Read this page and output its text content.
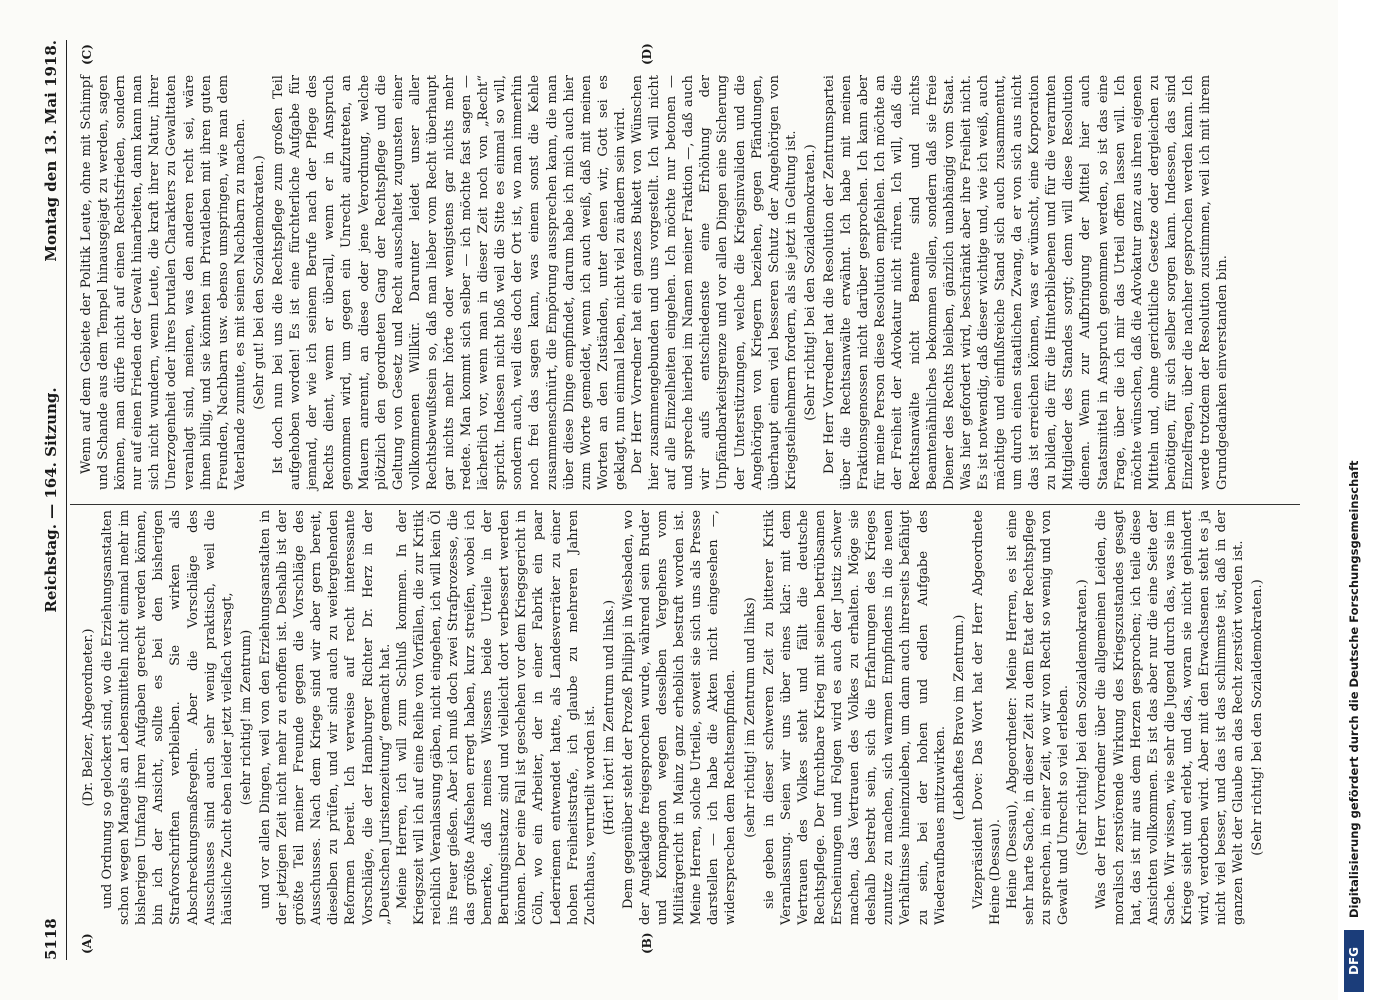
5118
Reichstag. — 164. Sitzung.
Montag den 13. Mai 1918.
(A)	(B)
(C)	(D)

(Dr. Belzer, Abgeordneter.) und Ordnung so gelockert sind, wo die Erziehungsanstalten schon wegen Mangels an Lebensmitteln nicht einmal mehr im bisherigen Umfang ihren Aufgaben gerecht werden können, bin ich der Ansicht, sollte es bei den bisherigen Strafvorschriften verbleiben. Sie wirken als Abschreckungsmaßregeln. Aber die Vorschläge des Ausschusses sind auch sehr wenig praktisch, weil die häusliche Zucht eben leider jetzt vielfach versagt, (sehr richtig! im Zentrum) und vor allen Dingen, weil von den Erziehungsanstalten in der jetzigen Zeit nicht mehr zu erhoffen ist. Deshalb ist der größte Teil meiner Freunde gegen die Vorschläge des Ausschusses. Nach dem Kriege sind wir aber gern bereit, dieselben zu prüfen, und wir sind auch zu weitergehenden Reformen bereit. Ich verweise auf recht interessante Vorschläge, die der Hamburger Richter Dr. Herz in der „Deutschen Juristenzeitung“ gemacht hat. Meine Herren, ich will zum Schluß kommen. In der Kriegszeit will ich auf eine Reihe von Vorfällen, die zur Kritik reichlich Veranlassung gäben, nicht eingehen, ich will kein Öl ins Feuer gießen. Aber ich muß doch zwei Strafprozesse, die das größte Aufsehen erregt haben, kurz streifen, wobei ich bemerke, daß meines Wissens beide Urteile in der Berufungsinstanz sind und vielleicht dort verbessert werden können. Der eine Fall ist geschehen vor dem Kriegsgericht in Cöln, wo ein Arbeiter, der in einer Fabrik ein paar Lederriemen entwendet hatte, als Landesverräter zu einer hohen Freiheitsstrafe, ich glaube zu mehreren Jahren Zuchthaus, verurteilt worden ist. (Hört! hört! im Zentrum und links.) Dem gegenüber steht der Prozeß Philippi in Wiesbaden, wo der Angeklagte freigesprochen wurde, während sein Bruder und Kompagnon wegen desselben Vergehens vom Militärgericht in Mainz ganz erheblich bestraft worden ist. Meine Herren, solche Urteile, soweit sie sich uns als Presse darstellen — ich habe die Akten nicht eingesehen —, widersprechen dem Rechtsempfinden. (sehr richtig! im Zentrum und links) sie geben in dieser schweren Zeit zu bitterer Kritik Veranlassung. Seien wir uns über eines klar: mit dem Vertrauen des Volkes steht und fällt die deutsche Rechtspflege. Der furchtbare Krieg mit seinen betrübsamen Erscheinungen und Folgen wird es auch der Justiz schwer machen, das Vertrauen des Volkes zu erhalten. Möge sie deshalb bestrebt sein, sich die Erfahrungen des Krieges zunutze zu machen, sich warmen Empfindens in die neuen Verhältnisse hineinzuleben, um dann auch ihrerseits befähigt zu sein, bei der hohen und edlen Aufgabe des Wiederaufbaues mitzuwirken.

(Lebhaftes Bravo im Zentrum.) Vizepräsident Dove: Das Wort hat der Herr Abgeordnete Heine (Dessau). Heine (Dessau), Abgeordneter: Meine Herren, es ist eine sehr harte Sache, in dieser Zeit zu dem Etat der Rechtspflege zu sprechen, in einer Zeit, wo wir von Recht so wenig und von Gewalt und Unrecht so viel erleben. (Sehr richtig! bei den Sozialdemokraten.) Was der Herr Vorredner über die allgemeinen Leiden, die moralisch zerstörende Wirkung des Kriegszustandes gesagt hat, das ist mir aus dem Herzen gesprochen; ich teile diese Ansichten vollkommen. Es ist das aber nur die eine Seite der Sache. Wir wissen, wie sehr die Jugend durch das, was sie im Kriege sieht und erlebt, und das, woran sie nicht gehindert wird, verdorben wird. Aber mit den Erwachsenen steht es ja nicht viel besser, und das ist das schlimmste ist, daß in der ganzen Welt der Glaube an das Recht zerstört worden ist. (Sehr richtig! bei den Sozialdemokraten.)

Wenn auf dem Gebiete der Politik Leute, ohne mit Schimpf und Schande aus dem Tempel hinausgejagt zu werden, sagen können, man dürfe nicht auf einen Rechtsfrieden, sondern nur auf einen Frieden der Gewalt hinarbeiten, dann kann man sich nicht wundern, wenn Leute, die kraft ihrer Natur, ihrer Unerzogenheit oder ihres brutalen Charakters zu Gewalttaten veranlagt sind, meinen, was den anderen recht sei, wäre ihnen billig, und sie könnten im Privatleben mit ihren guten Freunden, Nachbarn usw. ebenso umspringen, wie man dem Vaterlande zumute, es mit seinen Nachbarn zu machen. (Sehr gut! bei den Sozialdemokraten.) Ist doch nun bei uns die Rechtspflege zum großen Teil aufgehoben worden! Es ist eine fürchterliche Aufgabe für jemand, der wie ich seinem Berufe nach der Pflege des Rechts dient, wenn er überall, wenn er in Anspruch genommen wird, um gegen ein Unrecht aufzutreten, an Mauern anrennt, an diese oder jene Verordnung, welche plötzlich den geordneten Gang der Rechtspflege und die Geltung von Gesetz und Recht ausschaltet zugunsten einer vollkommenen Willkür. Darunter leidet unser aller Rechtsbewußtsein so, daß man lieber vom Recht überhaupt gar nichts mehr hörte oder wenigstens gar nichts mehr redete. Man kommt sich selber — ich möchte fast sagen — lächerlich vor, wenn man in dieser Zeit noch von „Recht“ spricht. Indessen nicht bloß weil die Sitte es einmal so will, sondern auch, weil dies doch der Ort ist, wo man immerhin noch frei das sagen kann, was einem sonst die Kehle zusammenschnürt, die Empörung aussprechen kann, die man über diese Dinge empfindet, darum habe ich mich auch hier zum Worte gemeldet, wenn ich auch weiß, daß mit meinen Worten an den Zuständen, unter denen wir, Gott sei es geklagt, nun einmal leben, nicht viel zu ändern sein wird. Der Herr Vorredner hat ein ganzes Bukett von Wünschen hier zusammengebunden und uns vorgestellt. Ich will nicht auf alle Einzelheiten eingehen. Ich möchte nur betonen — und spreche hierbei im Namen meiner Fraktion —, daß auch wir aufs entschiedenste eine Erhöhung der Unpfändbarkeitsgrenze und vor allen Dingen eine Sicherung der Unterstützungen, welche die Kriegsinvaliden und die Angehörigen von Kriegern beziehen, gegen Pfändungen, überhaupt einen viel besseren Schutz der Angehörigen von Kriegsteilnehmern fordern, als sie jetzt in Geltung ist. (Sehr richtig! bei den Sozialdemokraten.) Der Herr Vorredner hat die Resolution der Zentrumspartei über die Rechtsanwälte erwähnt. Ich habe mit meinen Fraktionsgenossen nicht darüber gesprochen. Ich kann aber für meine Person diese Resolution empfehlen. Ich möchte an der Freiheit der Advokatur nicht rühren. Ich will, daß die Rechtsanwälte nicht Beamte sind und nichts Beamtenähnliches bekommen sollen, sondern daß sie freie Diener des Rechts bleiben, gänzlich unabhängig vom Staat. Was hier gefordert wird, beschränkt aber ihre Freiheit nicht. Es ist notwendig, daß dieser wichtige und, wie ich weiß, auch mächtige und einflußreiche Stand sich auch zusammentut, um durch einen staatlichen Zwang, da er von sich aus nicht das ist erreichen können, was er wünscht, eine Korporation zu bilden, die für die Hinterbliebenen und für die verarmten Mitglieder des Standes sorgt; denn will diese Resolution dienen. Wenn zur Aufbringung der Mittel hier auch Staatsmittel in Anspruch genommen werden, so ist das eine Frage, über die ich mir das Urteil offen lassen will. Ich möchte wünschen, daß die Advokatur ganz aus ihren eigenen Mitteln und, ohne gerichtliche Gesetze oder dergleichen zu benötigen, für sich selber sorgen kann. Indessen, das sind Einzelfragen, über die nachher gesprochen werden kann. Ich werde trotzdem der Resolution zustimmen, weil ich mit ihrem Grundgedanken einverstanden bin.

DFG
Digitalisierung gefördert durch die Deutsche Forschungsgemeinschaft
